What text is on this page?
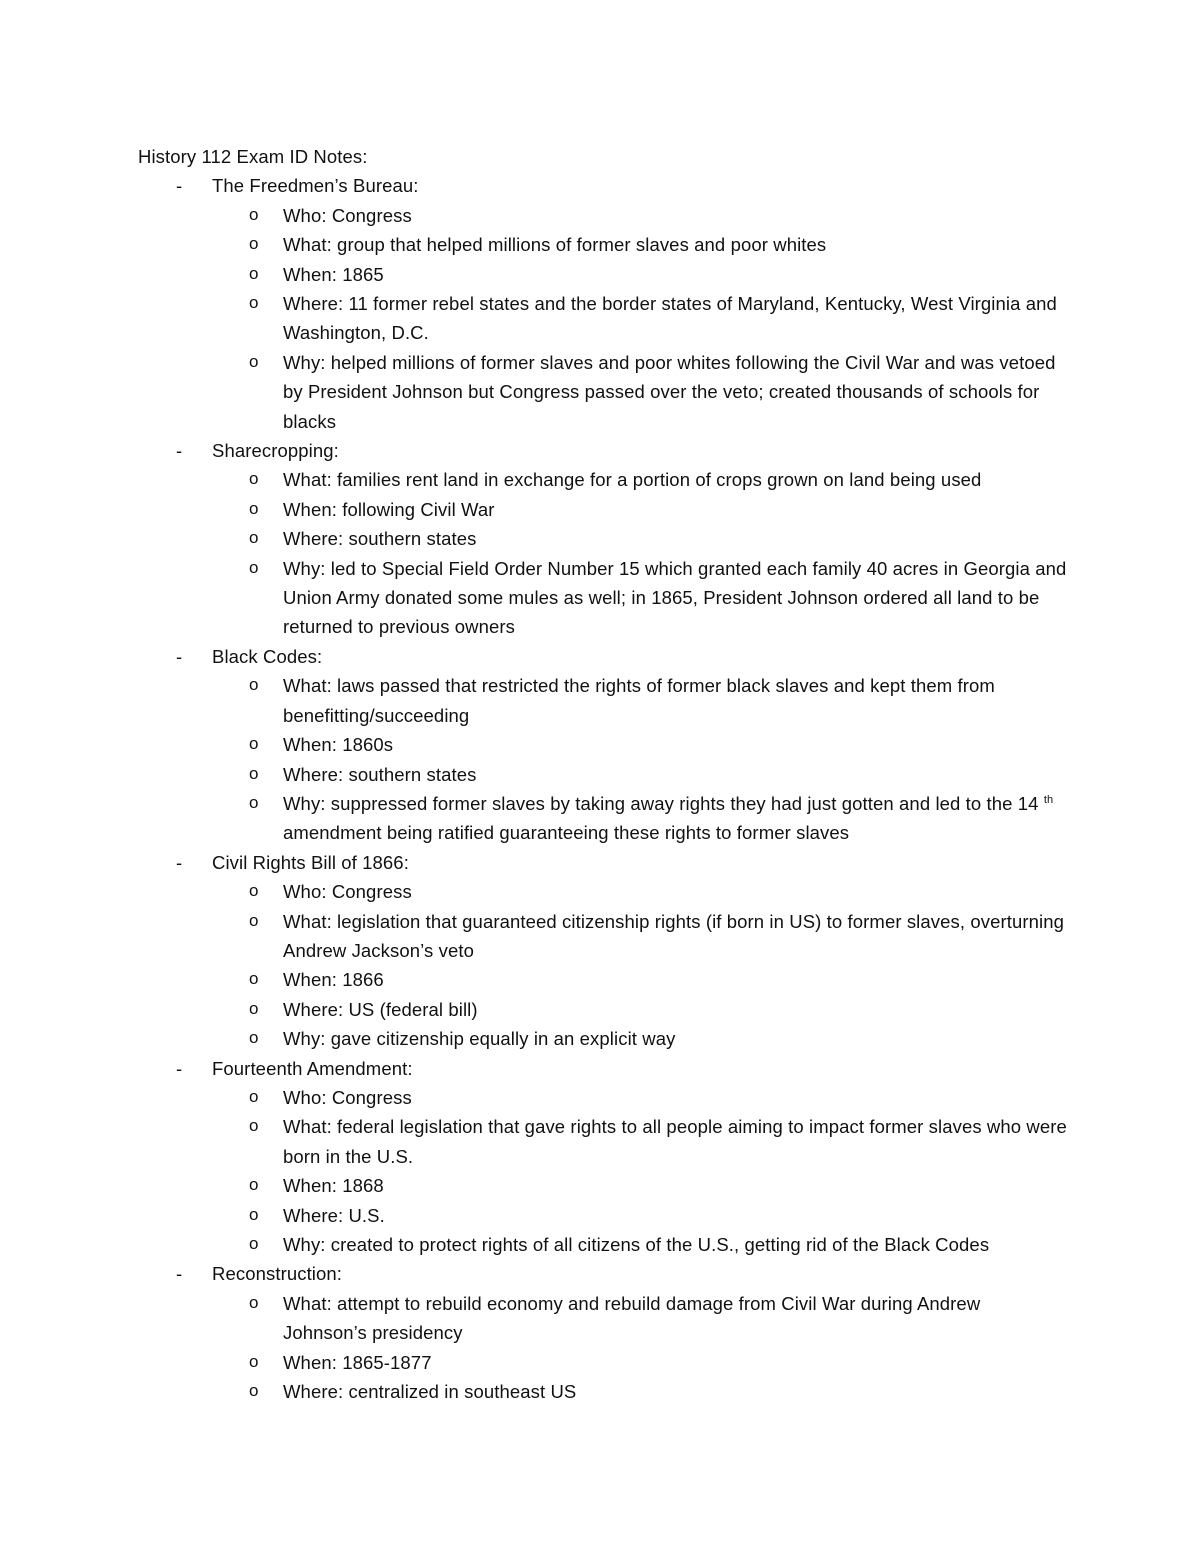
History 112 Exam ID Notes:
- The Freedmen’s Bureau:
o Who: Congress
o What: group that helped millions of former slaves and poor whites
o When: 1865
o Where: 11 former rebel states and the border states of Maryland, Kentucky, West Virginia and Washington, D.C.
o Why: helped millions of former slaves and poor whites following the Civil War and was vetoed by President Johnson but Congress passed over the veto; created thousands of schools for blacks
- Sharecropping:
o What: families rent land in exchange for a portion of crops grown on land being used
o When: following Civil War
o Where: southern states
o Why: led to Special Field Order Number 15 which granted each family 40 acres in Georgia and Union Army donated some mules as well; in 1865, President Johnson ordered all land to be returned to previous owners
- Black Codes:
o What: laws passed that restricted the rights of former black slaves and kept them from benefitting/succeeding
o When: 1860s
o Where: southern states
o Why: suppressed former slaves by taking away rights they had just gotten and led to the 14 $^{th}$ amendment being ratified guaranteeing these rights to former slaves
- Civil Rights Bill of 1866:
o Who: Congress
o What: legislation that guaranteed citizenship rights (if born in US) to former slaves, overturning Andrew Jackson’s veto
o When: 1866
o Where: US (federal bill)
o Why: gave citizenship equally in an explicit way
- Fourteenth Amendment:
o Who: Congress
o What: federal legislation that gave rights to all people aiming to impact former slaves who were born in the U.S.
o When: 1868
o Where: U.S.
o Why: created to protect rights of all citizens of the U.S., getting rid of the Black Codes
- Reconstruction:
o What: attempt to rebuild economy and rebuild damage from Civil War during Andrew Johnson’s presidency
o When: 1865-1877
o Where: centralized in southeast US
